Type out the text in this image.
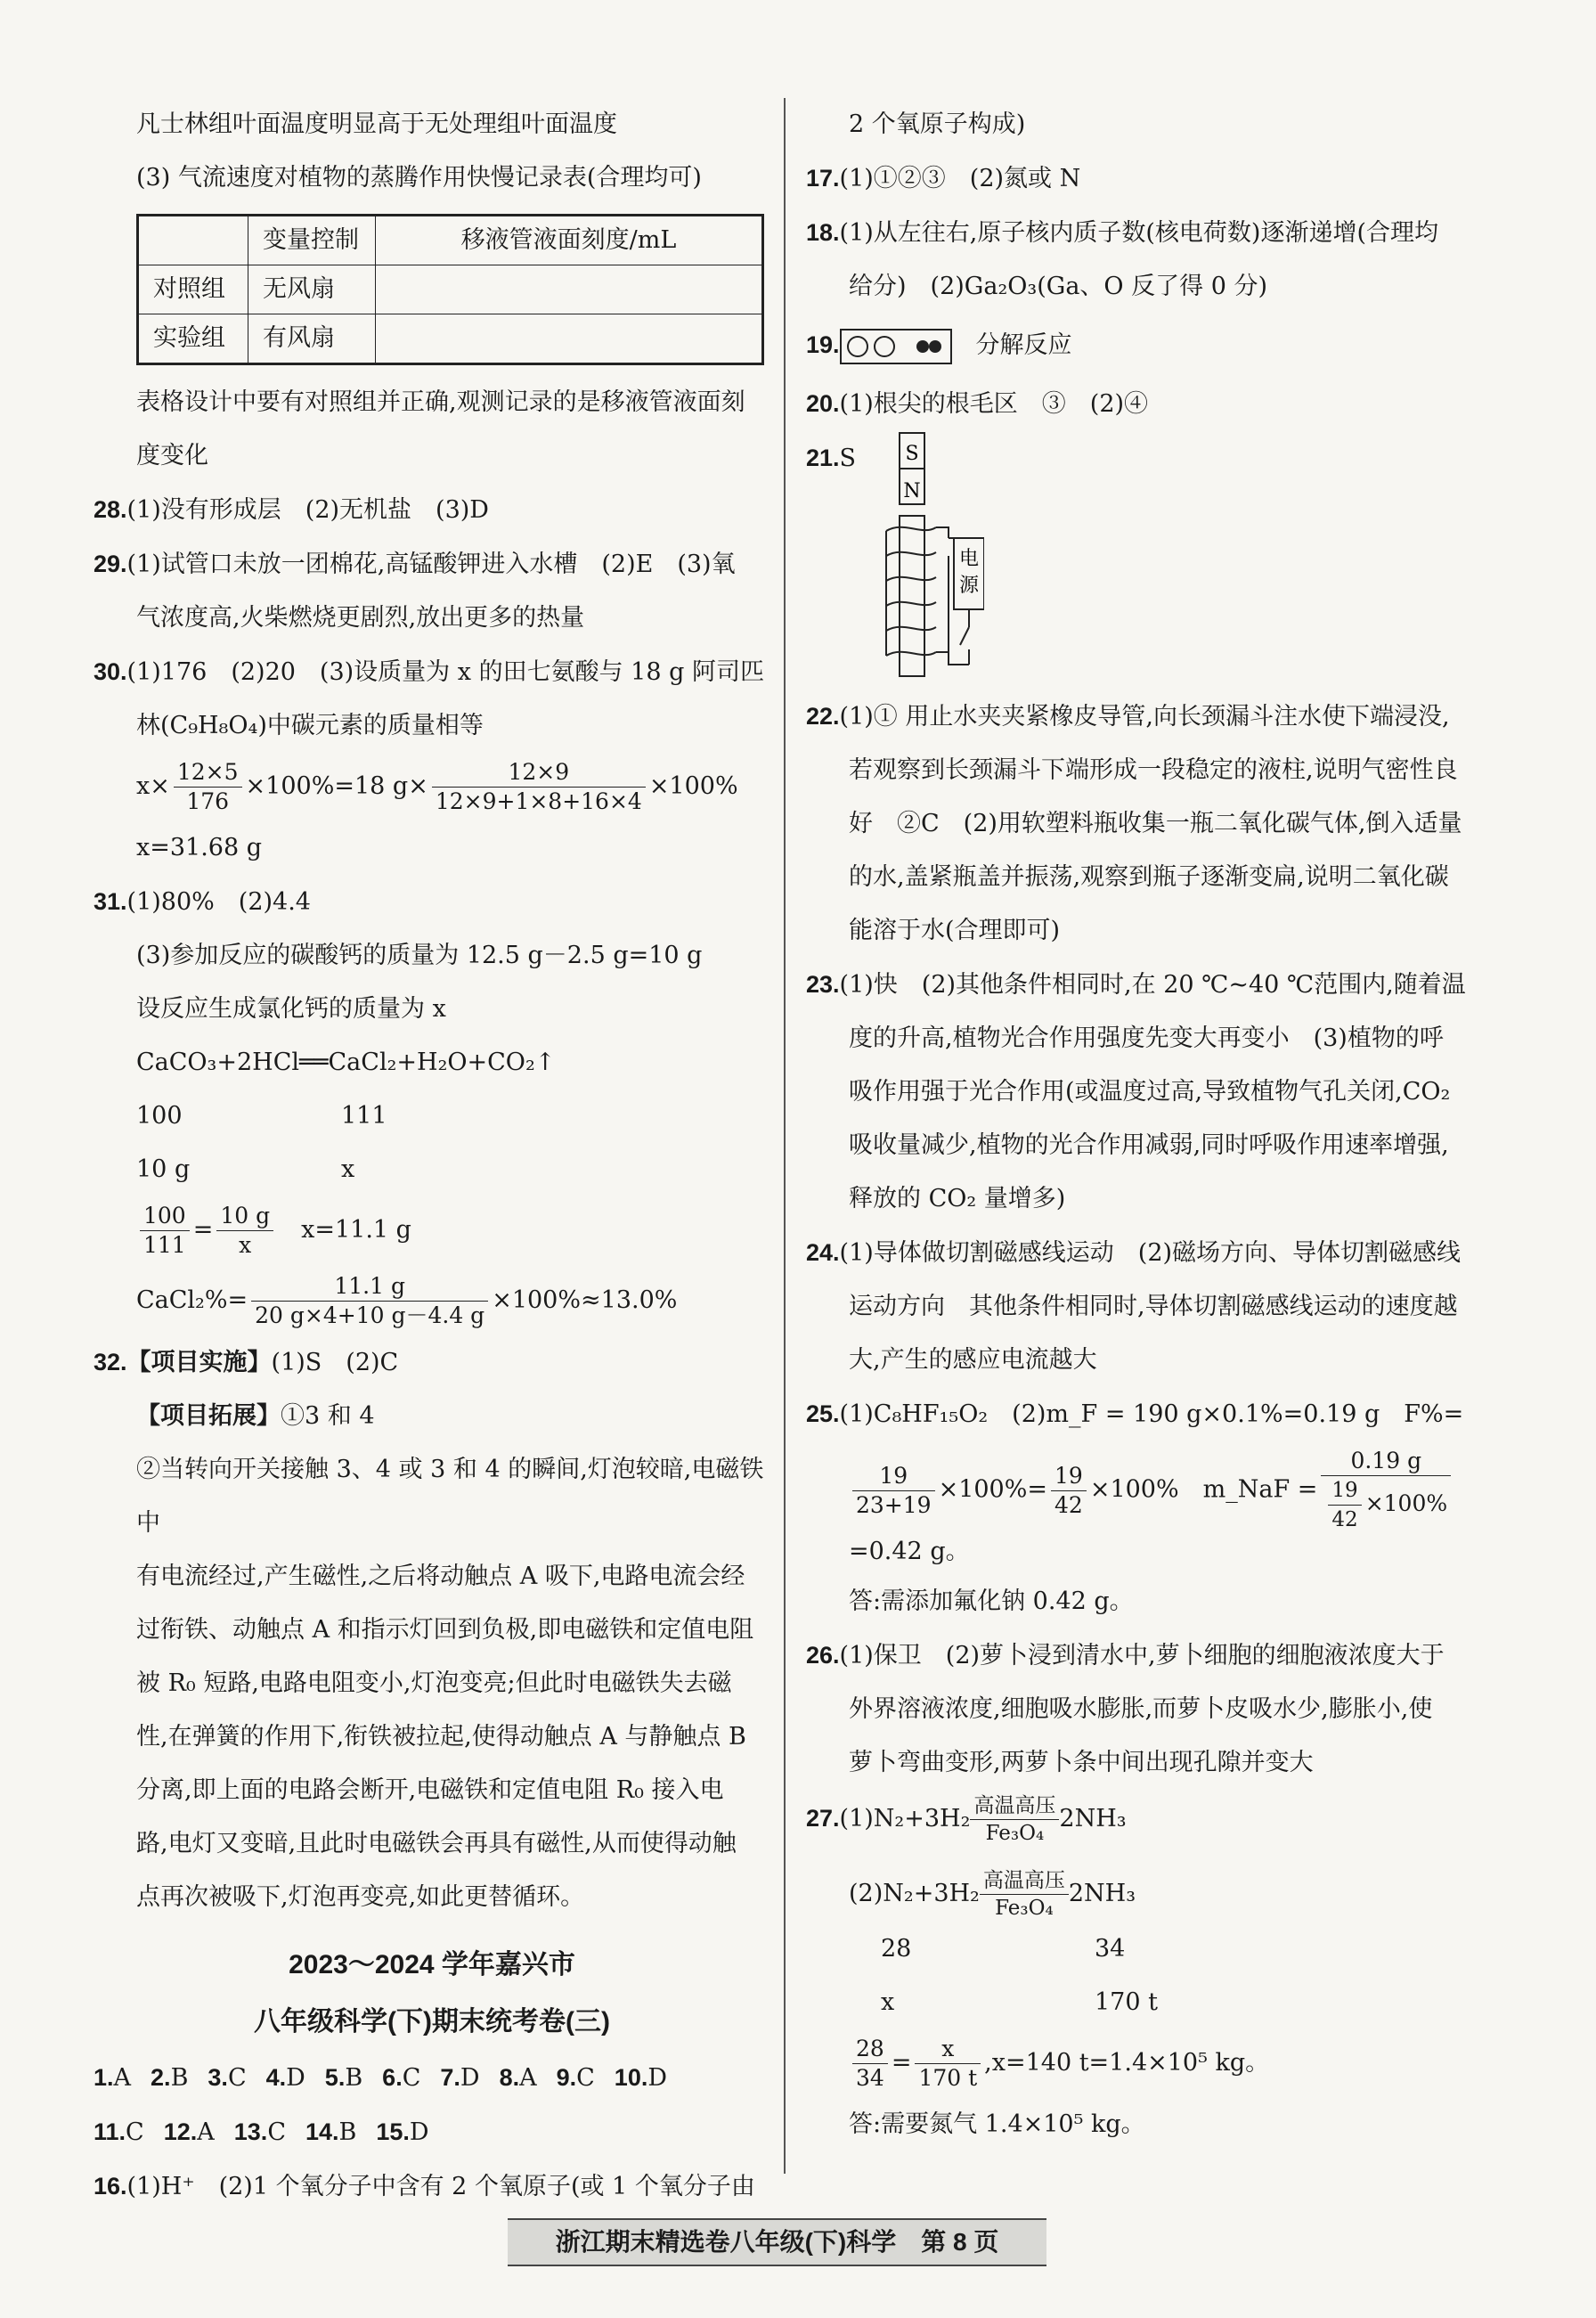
凡士林组叶面温度明显高于无处理组叶面温度

(3) 气流速度对植物的蒸腾作用快慢记录表(合理均可)

	变量控制	移液管液面刻度/mL
对照组	无风扇	
实验组	有风扇	

表格设计中要有对照组并正确,观测记录的是移液管液面刻

度变化

28.(1)没有形成层　(2)无机盐　(3)D

29.(1)试管口未放一团棉花,高锰酸钾进入水槽　(2)E　(3)氧

气浓度高,火柴燃烧更剧烈,放出更多的热量

30.(1)176　(2)20　(3)设质量为 x 的田七氨酸与 18 g 阿司匹

林(C₉H₈O₄)中碳元素的质量相等

$x\times \frac{12\times 5}{176} \times 100\%=18$ $g\times \frac{12\times 9}{12\times 9+1\times 8+16\times 4} \times 100\%$

x=31.68 g

31.(1)80%　(2)4.4

(3)参加反应的碳酸钙的质量为 12.5 g－2.5 g=10 g

设反应生成氯化钙的质量为 x

CaCO₃+2HCl══CaCl₂+H₂O+CO₂↑

100	111

10 g	x

$\frac{100}{111} = \frac{10 g}{x}$
　 x=11.1 g
CaCl₂%= $\frac{11.1 g}{20 g\times 4+10 g-4.4 g} \times 100\%\approx 13.0\%$

32.【项目实施】(1)S　(2)C

【项目拓展】①3 和 4

②当转向开关接触 3、4 或 3 和 4 的瞬间,灯泡较暗,电磁铁中

有电流经过,产生磁性,之后将动触点 A 吸下,电路电流会经

过衔铁、动触点 A 和指示灯回到负极,即电磁铁和定值电阻

被 R₀ 短路,电路电阻变小,灯泡变亮;但此时电磁铁失去磁

性,在弹簧的作用下,衔铁被拉起,使得动触点 A 与静触点 B

分离,即上面的电路会断开,电磁铁和定值电阻 R₀ 接入电

路,电灯又变暗,且此时电磁铁会再具有磁性,从而使得动触

点再次被吸下,灯泡再变亮,如此更替循环。

2023～2024 学年嘉兴市

八年级科学(下)期末统考卷(三)

1.A 2.B 3.C 4.D 5.B 6.C 7.D 8.A 9.C 10.D

11.C 12.A 13.C 14.B 15.D

16.(1)H⁺　(2)1 个氧分子中含有 2 个氧原子(或 1 个氧分子由

2 个氧原子构成)

17.(1)①②③　(2)氮或 N

18.(1)从左往右,原子核内质子数(核电荷数)逐渐递增(合理均

给分)　(2)Ga₂O₃(Ga、O 反了得 0 分)

19.
　	分解反应

20.(1)根尖的根毛区　③　(2)④

21.S	S
N
电
源

22.(1)① 用止水夹夹紧橡皮导管,向长颈漏斗注水使下端浸没,

若观察到长颈漏斗下端形成一段稳定的液柱,说明气密性良

好　②C　(2)用软塑料瓶收集一瓶二氧化碳气体,倒入适量

的水,盖紧瓶盖并振荡,观察到瓶子逐渐变扁,说明二氧化碳

能溶于水(合理即可)

23.(1)快　(2)其他条件相同时,在 20 ℃~40 ℃范围内,随着温

度的升高,植物光合作用强度先变大再变小　(3)植物的呼

吸作用强于光合作用(或温度过高,导致植物气孔关闭,CO₂

吸收量减少,植物的光合作用减弱,同时呼吸作用速率增强,

释放的 CO₂ 量增多)

24.(1)导体做切割磁感线运动　(2)磁场方向、导体切割磁感线

运动方向　其他条件相同时,导体切割磁感线运动的速度越

大,产生的感应电流越大

25.(1)C₈HF₁₅O₂　(2)m_F = 190 g×0.1%=0.19 g　F%=

$\frac{19}{23+19} \times 100\%= \frac{19}{42} \times 100\%$　 m_NaF = $\frac{0.19 g}{\frac{19}{42} \times 100\%}$
=0.42 g。

答:需添加氟化钠 0.42 g。

26.(1)保卫　(2)萝卜浸到清水中,萝卜细胞的细胞液浓度大于

外界溶液浓度,细胞吸水膨胀,而萝卜皮吸水少,膨胀小,使

萝卜弯曲变形,两萝卜条中间出现孔隙并变大

27.(1)N₂+3H₂ 高温高压
Fe₃O₄
2NH₃
(2)N₂+3H₂ 高温高压
Fe₃O₄
2NH₃

28	34

x	170 t

$\frac{28}{34} = \frac{x}{170 t} ,x=140$ t=1.4×10⁵ kg。

答:需要氮气 1.4×10⁵ kg。

浙江期末精选卷八年级(下)科学　第 8 页
